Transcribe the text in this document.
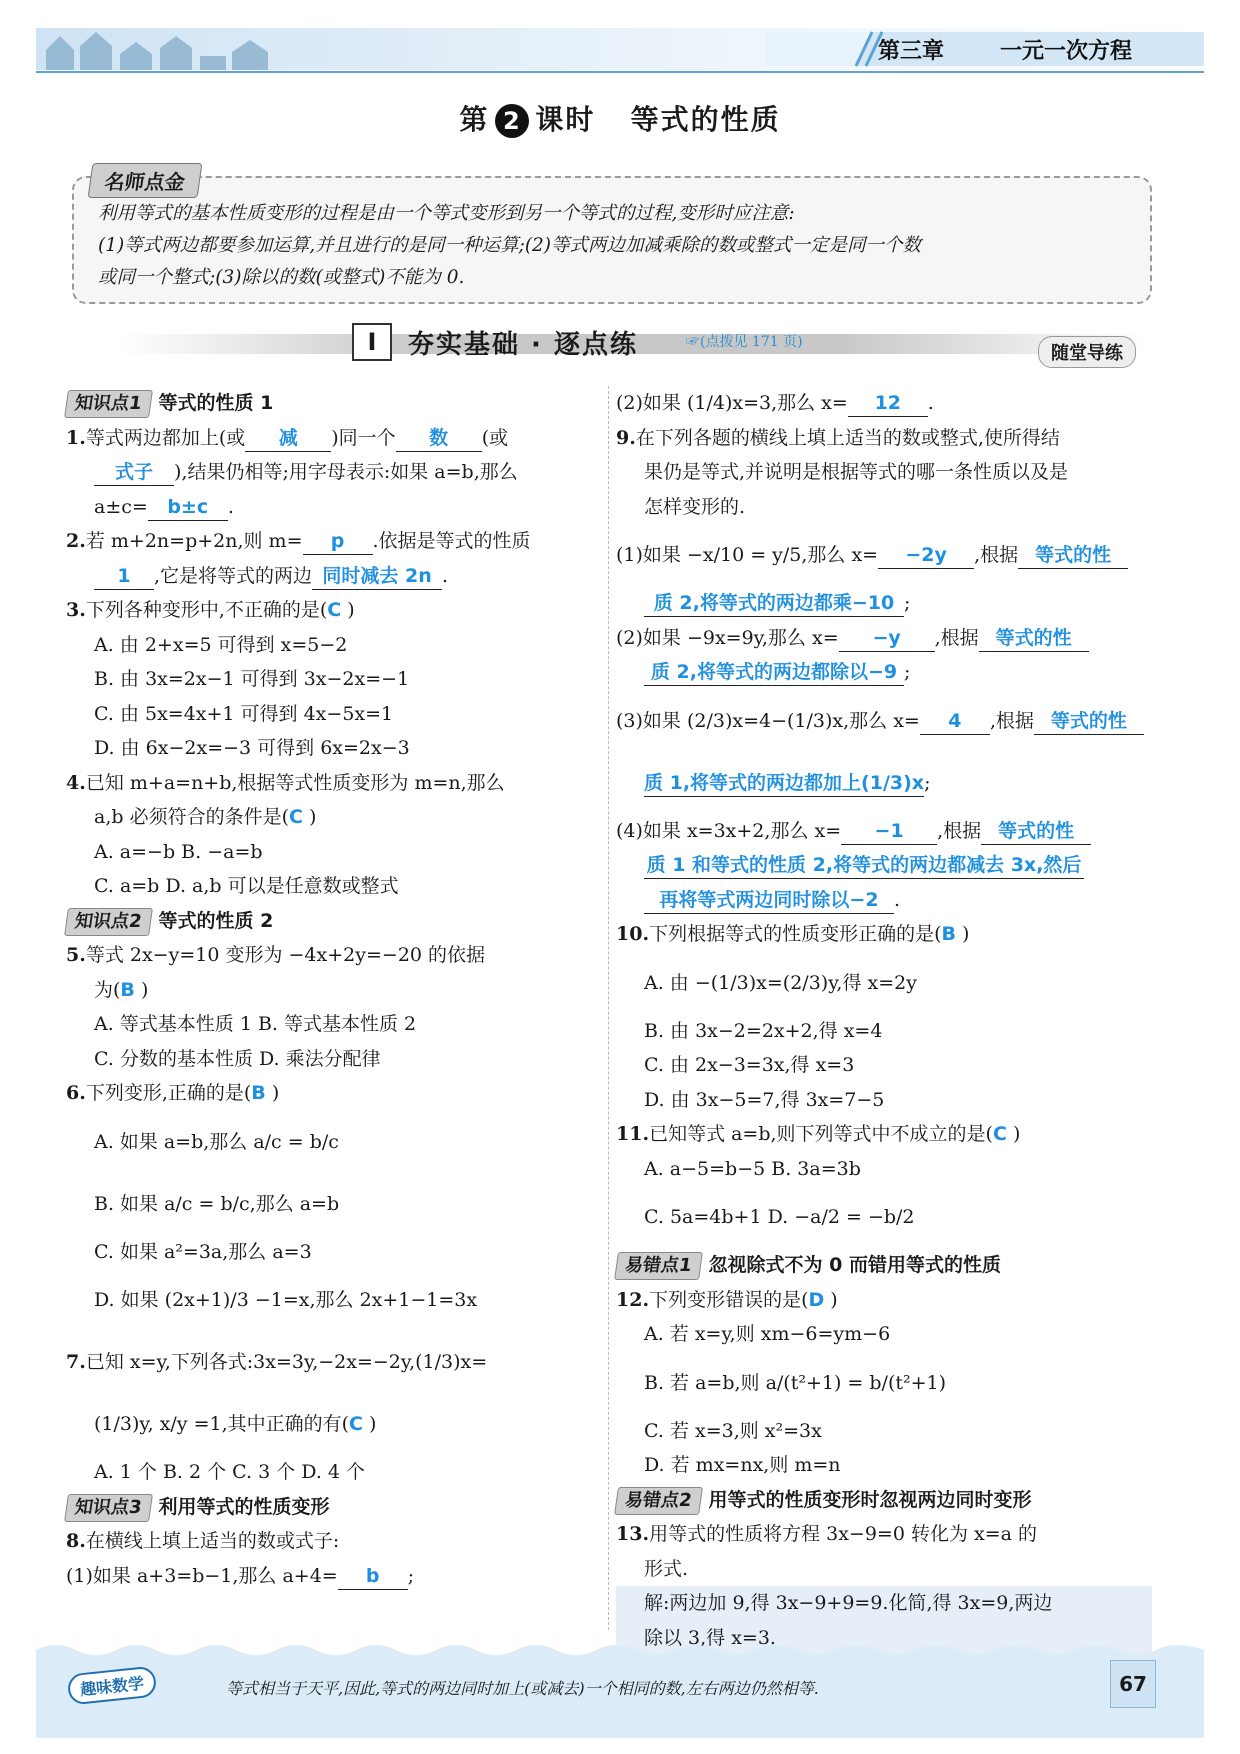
第三章	一元一次方程
第 2 课时 等式的性质
名师点金
利用等式的基本性质变形的过程是由一个等式变形到另一个等式的过程,变形时应注意:
(1)等式两边都要参加运算,并且进行的是同一种运算;(2)等式两边加减乘除的数或整式一定是同一个数
或同一个整式;(3)除以的数(或整式)不能为 0.
I	夯实基础 · 逐点练	☞(点拨见 171 页)
随堂导练
知识点1 等式的性质 1
1.等式两边都加上(或 减 )同一个 数 (或
式子 ),结果仍相等;用字母表示:如果 a=b,那么
a±c= b±c .
2.若 m+2n=p+2n,则 m= p .依据是等式的性质
1 ,它是将等式的两边 同时减去 2n .
3.下列各种变形中,不正确的是(C )
A. 由 2+x=5 可得到 x=5−2
B. 由 3x=2x−1 可得到 3x−2x=−1
C. 由 5x=4x+1 可得到 4x−5x=1
D. 由 6x−2x=−3 可得到 6x=2x−3
4.已知 m+a=n+b,根据等式性质变形为 m=n,那么
a,b 必须符合的条件是(C )
A. a=−b B. −a=b
C. a=b D. a,b 可以是任意数或整式
知识点2 等式的性质 2
5.等式 2x−y=10 变形为 −4x+2y=−20 的依据
为(B )
A. 等式基本性质 1 B. 等式基本性质 2
C. 分数的基本性质 D. 乘法分配律
6.下列变形,正确的是(B )
A. 如果 a=b,那么 a/c = b/c
B. 如果 a/c = b/c,那么 a=b
C. 如果 a²=3a,那么 a=3
D. 如果 (2x+1)/3 −1=x,那么 2x+1−1=3x
7.已知 x=y,下列各式:3x=3y,−2x=−2y,(1/3)x=
(1/3)y, x/y =1,其中正确的有(C )
A. 1 个 B. 2 个 C. 3 个 D. 4 个
知识点3 利用等式的性质变形
8.在横线上填上适当的数或式子:
(1)如果 a+3=b−1,那么 a+4= b ;
(2)如果 (1/4)x=3,那么 x= 12 .
9.在下列各题的横线上填上适当的数或整式,使所得结
果仍是等式,并说明是根据等式的哪一条性质以及是
怎样变形的.
(1)如果 −x/10 = y/5,那么 x= −2y ,根据 等式的性
质 2,将等式的两边都乘−10 ;
(2)如果 −9x=9y,那么 x= −y ,根据 等式的性
质 2,将等式的两边都除以−9 ;
(3)如果 (2/3)x=4−(1/3)x,那么 x= 4 ,根据 等式的性
质 1,将等式的两边都加上(1/3)x;
(4)如果 x=3x+2,那么 x= −1 ,根据 等式的性
质 1 和等式的性质 2,将等式的两边都减去 3x,然后
再将等式两边同时除以−2 .
10.下列根据等式的性质变形正确的是(B )
A. 由 −(1/3)x=(2/3)y,得 x=2y
B. 由 3x−2=2x+2,得 x=4
C. 由 2x−3=3x,得 x=3
D. 由 3x−5=7,得 3x=7−5
11.已知等式 a=b,则下列等式中不成立的是(C )
A. a−5=b−5 B. 3a=3b
C. 5a=4b+1 D. −a/2 = −b/2
易错点1 忽视除式不为 0 而错用等式的性质
12.下列变形错误的是(D )
A. 若 x=y,则 xm−6=ym−6
B. 若 a=b,则 a/(t²+1) = b/(t²+1)
C. 若 x=3,则 x²=3x
D. 若 mx=nx,则 m=n
易错点2 用等式的性质变形时忽视两边同时变形
13.用等式的性质将方程 3x−9=0 转化为 x=a 的
形式.
解:两边加 9,得 3x−9+9=9.化简,得 3x=9,两边
除以 3,得 x=3.
趣味数学	等式相当于天平,因此,等式的两边同时加上(或减去)一个相同的数,左右两边仍然相等.	67
